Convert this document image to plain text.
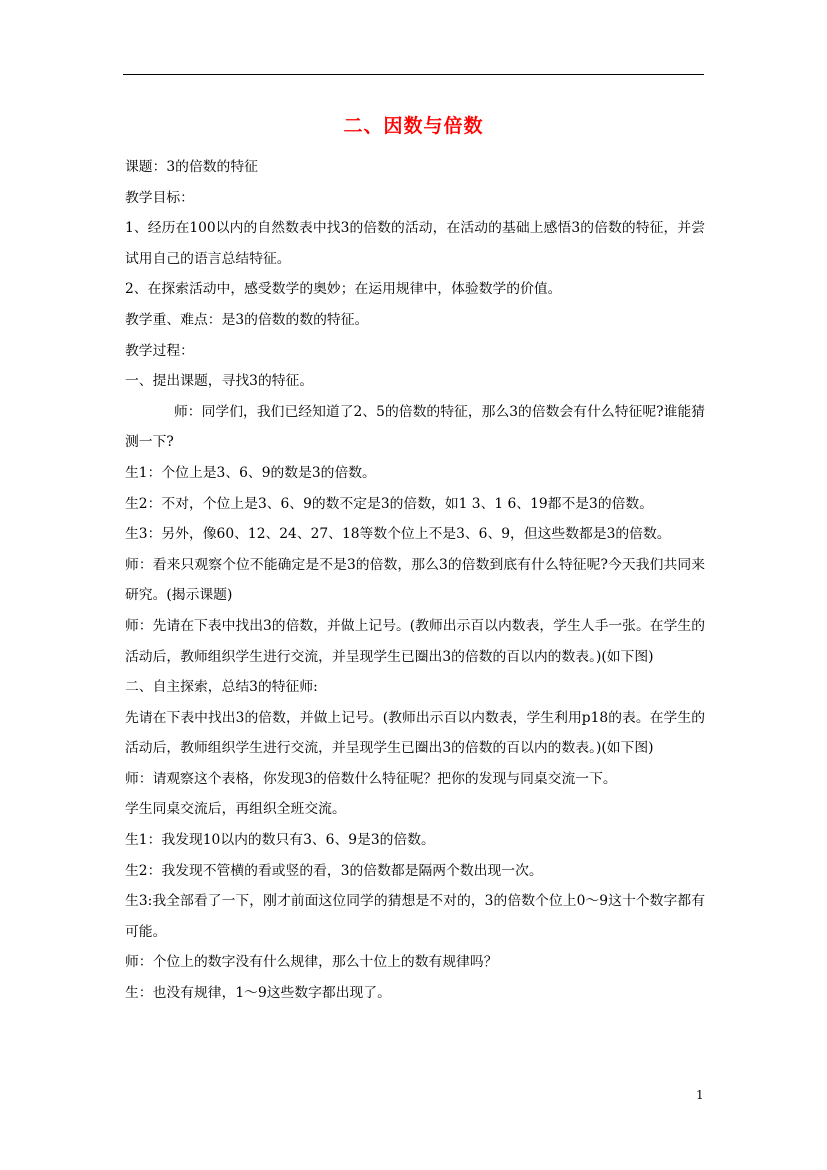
二、因数与倍数

课题：3的倍数的特征

教学目标：

1、经历在100以内的自然数表中找3的倍数的活动，在活动的基础上感悟3的倍数的特征，并尝试用自己的语言总结特征。

2、在探索活动中，感受数学的奥妙；在运用规律中，体验数学的价值。

教学重、难点：是3的倍数的数的特征。

教学过程：

一、提出课题，寻找3的特征。

师：同学们，我们已经知道了2、5的倍数的特征，那么3的倍数会有什么特征呢?谁能猜测一下?

生1：个位上是3、6、9的数是3的倍数。

生2：不对，个位上是3、6、9的数不定是3的倍数，如1 3、1 6、19都不是3的倍数。

生3：另外，像60、12、24、27、18等数个位上不是3、6、9，但这些数都是3的倍数。

师：看来只观察个位不能确定是不是3的倍数，那么3的倍数到底有什么特征呢?今天我们共同来研究。(揭示课题)

师：先请在下表中找出3的倍数，并做上记号。(教师出示百以内数表，学生人手一张。在学生的活动后，教师组织学生进行交流，并呈现学生已圈出3的倍数的百以内的数表。)(如下图)

二、自主探索，总结3的特征师:

先请在下表中找出3的倍数，并做上记号。(教师出示百以内数表，学生利用p18的表。在学生的活动后，教师组织学生进行交流，并呈现学生已圈出3的倍数的百以内的数表。)(如下图)

师：请观察这个表格，你发现3的倍数什么特征呢？把你的发现与同桌交流一下。

学生同桌交流后，再组织全班交流。

生1：我发现10以内的数只有3、6、9是3的倍数。

生2：我发现不管横的看或竖的看，3的倍数都是隔两个数出现一次。

生3:我全部看了一下，刚才前面这位同学的猜想是不对的，3的倍数个位上0～9这十个数字都有可能。

师：个位上的数字没有什么规律，那么十位上的数有规律吗？

生：也没有规律，1～9这些数字都出现了。

1
